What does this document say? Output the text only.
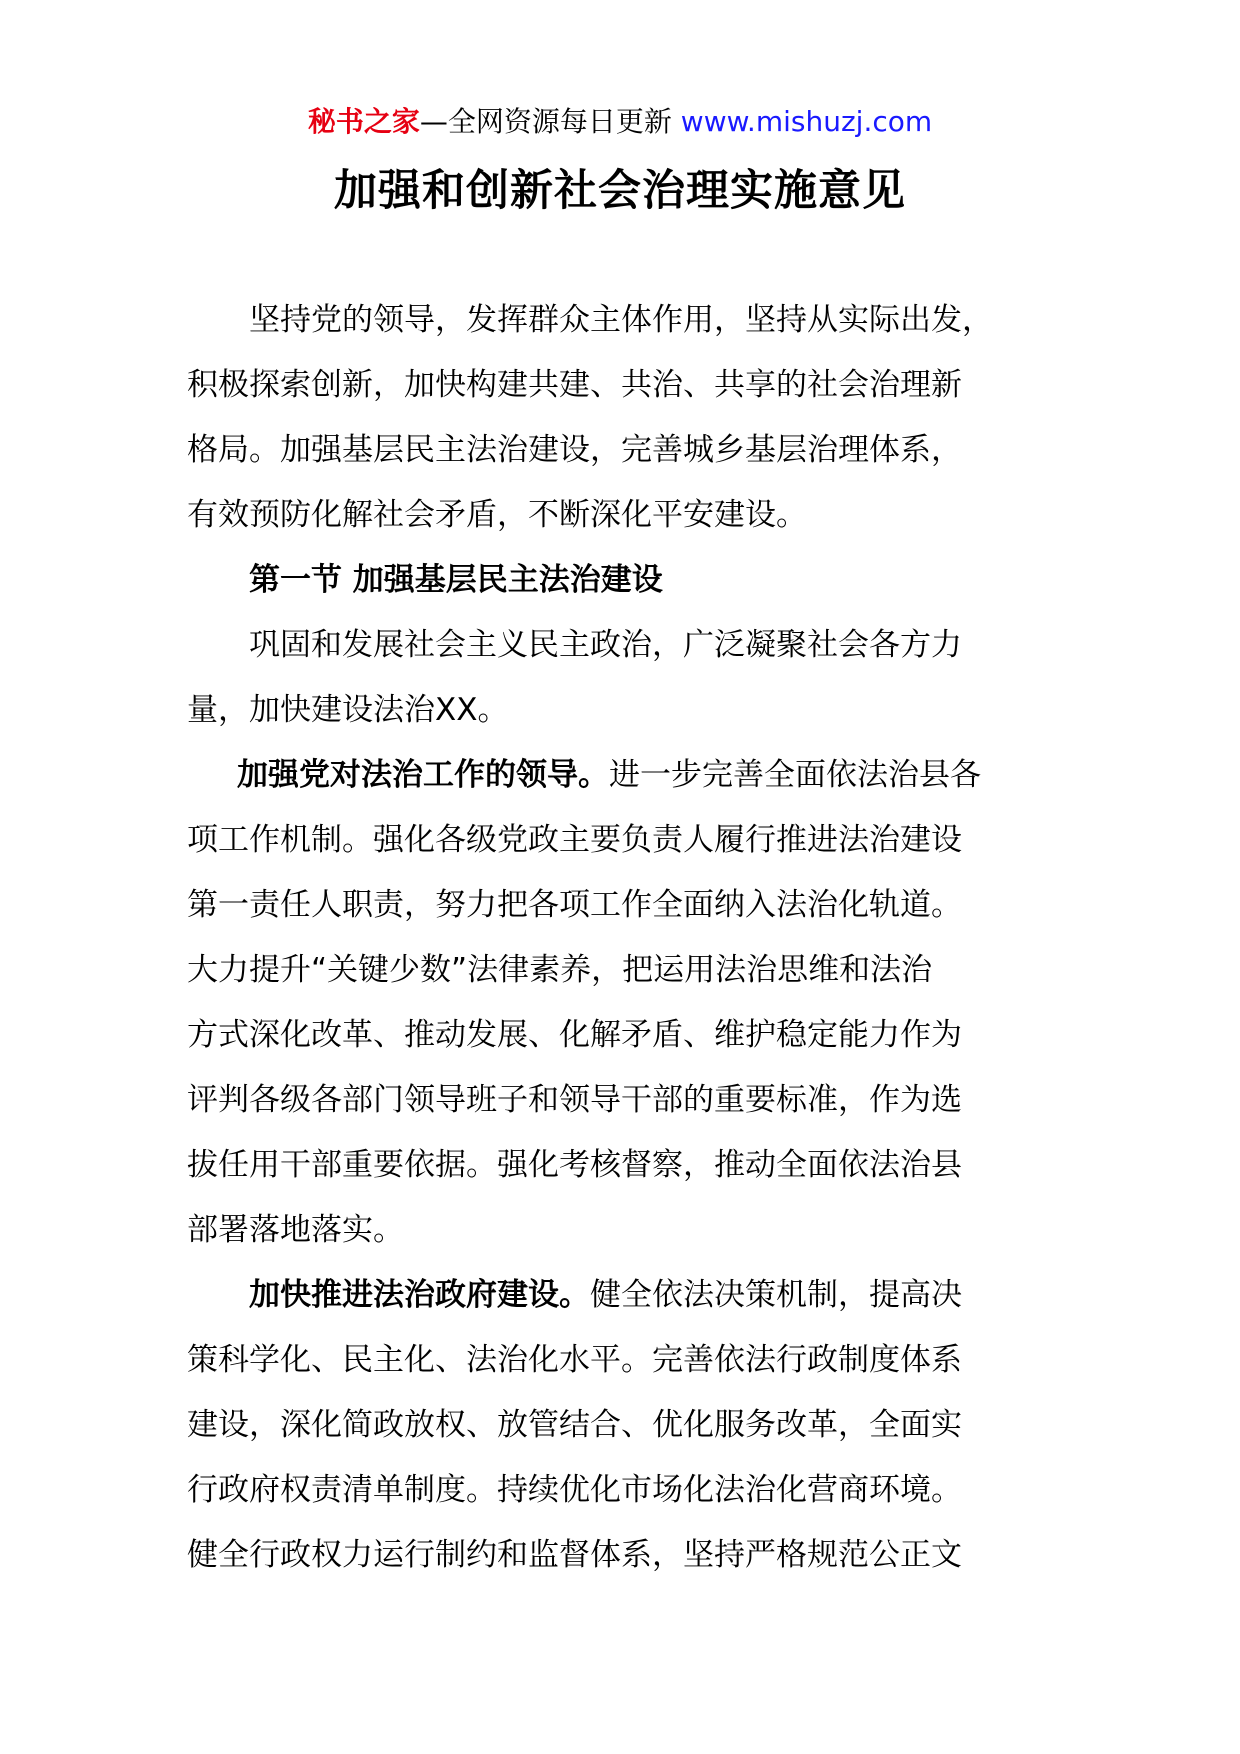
秘书之家—全网资源每日更新 www.mishuzj.com
加强和创新社会治理实施意见

坚持党的领导，发挥群众主体作用，坚持从实际出发，
积极探索创新，加快构建共建、共治、共享的社会治理新
格局。加强基层民主法治建设，完善城乡基层治理体系，
有效预防化解社会矛盾，不断深化平安建设。

第一节 加强基层民主法治建设

巩固和发展社会主义民主政治，广泛凝聚社会各方力
量，加快建设法治XX。

加强党对法治工作的领导。进一步完善全面依法治县各
项工作机制。强化各级党政主要负责人履行推进法治建设
第一责任人职责，努力把各项工作全面纳入法治化轨道。
大力提升“关键少数”法律素养，把运用法治思维和法治
方式深化改革、推动发展、化解矛盾、维护稳定能力作为
评判各级各部门领导班子和领导干部的重要标准，作为选
拔任用干部重要依据。强化考核督察，推动全面依法治县
部署落地落实。

加快推进法治政府建设。健全依法决策机制，提高决
策科学化、民主化、法治化水平。完善依法行政制度体系
建设，深化简政放权、放管结合、优化服务改革，全面实
行政府权责清单制度。持续优化市场化法治化营商环境。
健全行政权力运行制约和监督体系，坚持严格规范公正文
